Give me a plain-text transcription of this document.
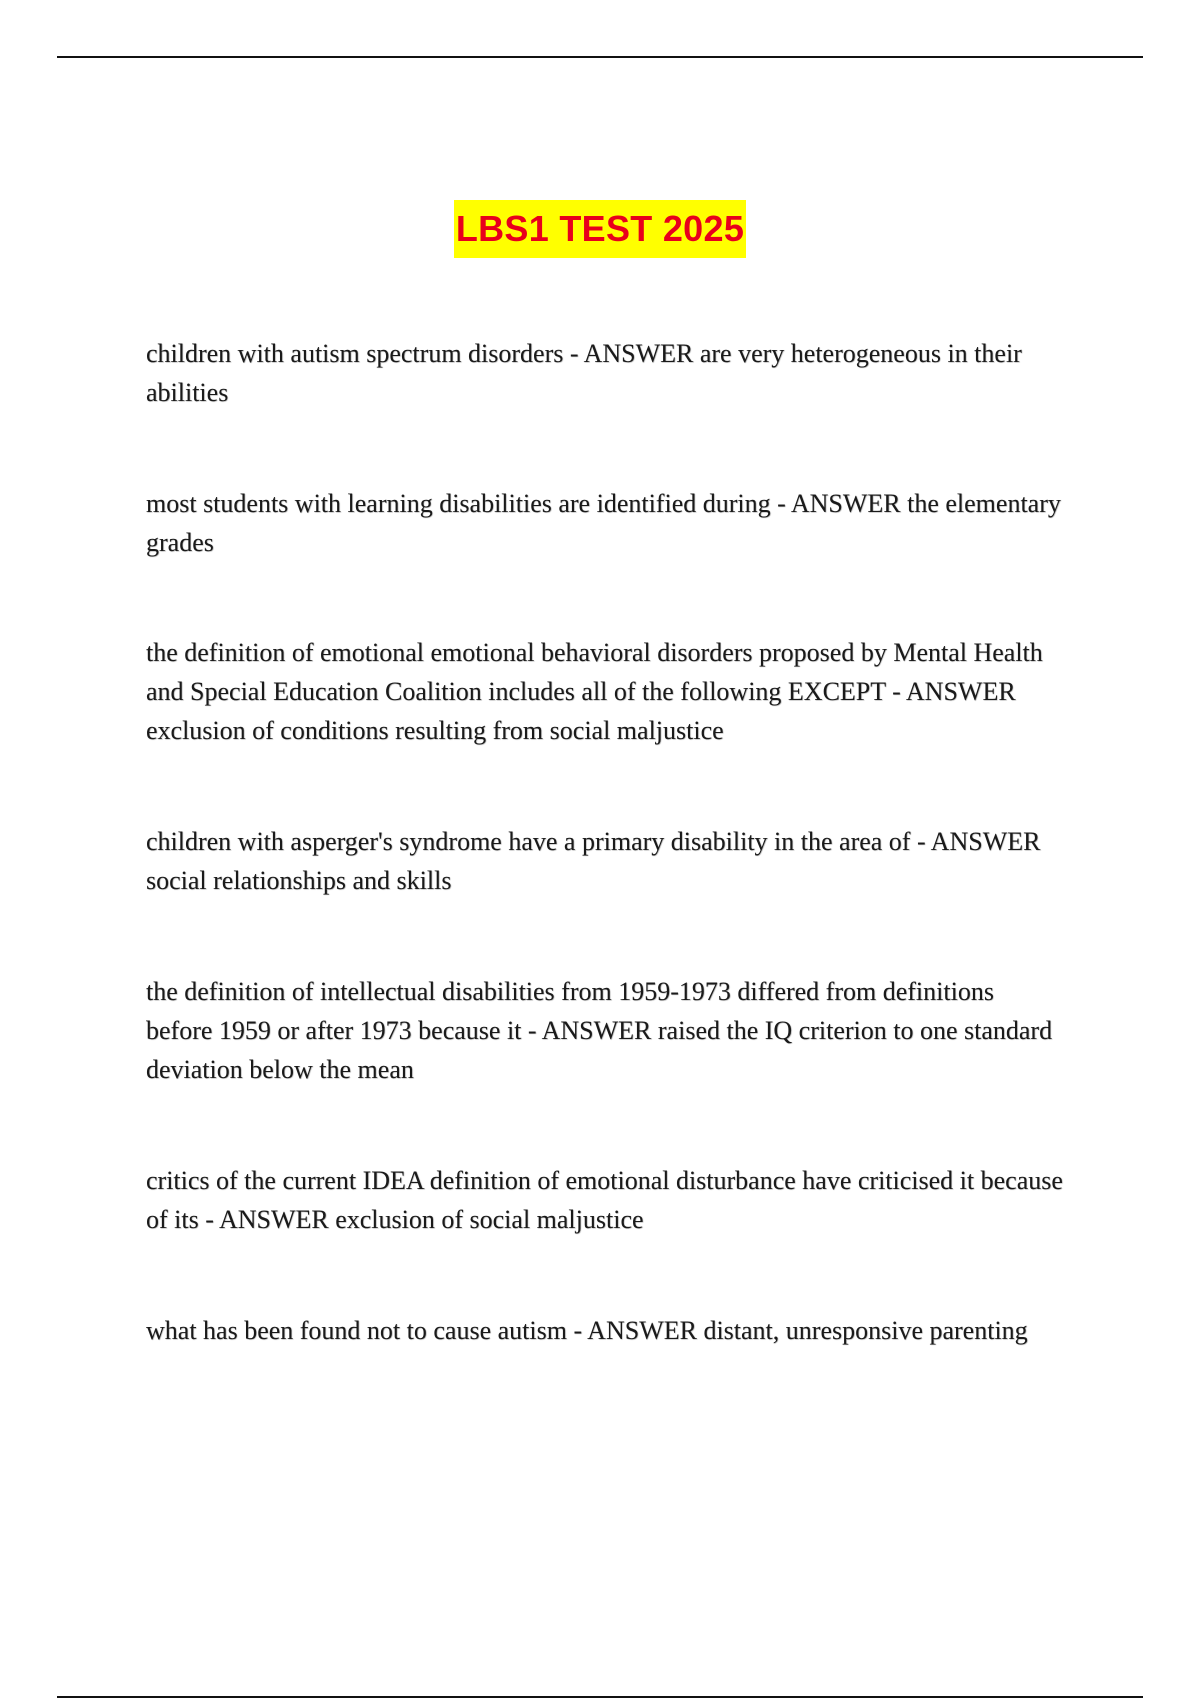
LBS1 TEST 2025

children with autism spectrum disorders - ANSWER are very heterogeneous in their abilities

most students with learning disabilities are identified during - ANSWER the elementary grades

the definition of emotional emotional behavioral disorders proposed by Mental Health and Special Education Coalition includes all of the following EXCEPT - ANSWER exclusion of conditions resulting from social maljustice

children with asperger's syndrome have a primary disability in the area of - ANSWER social relationships and skills

the definition of intellectual disabilities from 1959-1973 differed from definitions before 1959 or after 1973 because it - ANSWER raised the IQ criterion to one standard deviation below the mean

critics of the current IDEA definition of emotional disturbance have criticised it because of its - ANSWER exclusion of social maljustice

what has been found not to cause autism - ANSWER distant, unresponsive parenting
